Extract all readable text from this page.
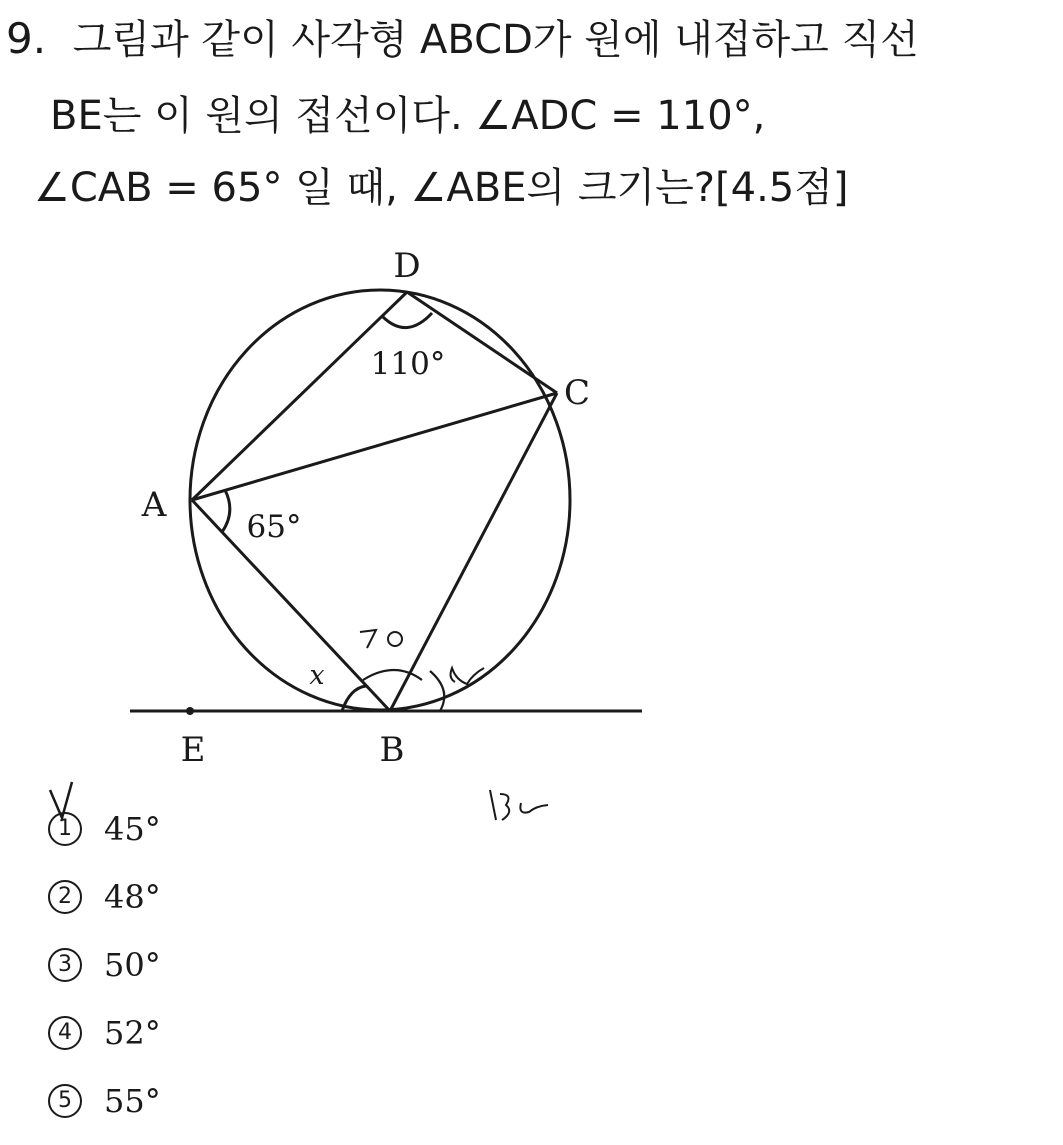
9. 그림과 같이 사각형 ABCD가 원에 내접하고 직선
BE는 이 원의 접선이다. ∠ADC = 110°,
∠CAB = 65° 일 때, ∠ABE의 크기는?[4.5점]
D
C
A
B
E
110°
65°
x
1	45°
2	48°
3	50°
4	52°
5	55°
